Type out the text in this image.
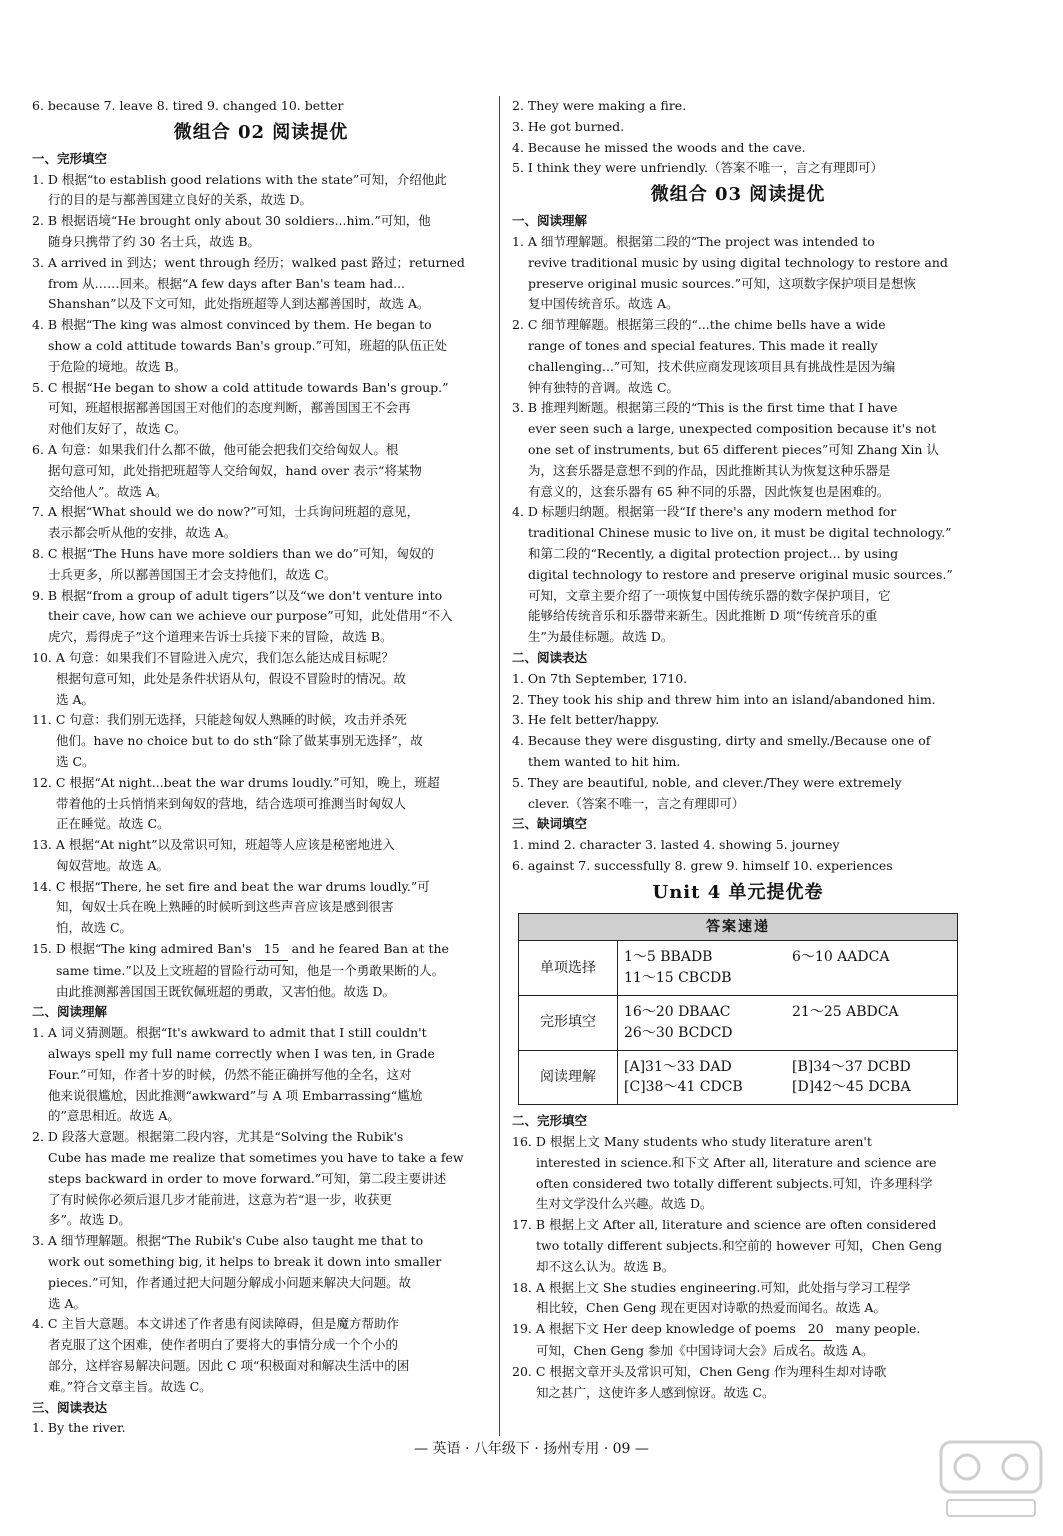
6. because 7. leave 8. tired 9. changed 10. better
微组合 02 阅读提优
一、完形填空
1. D 根据“to establish good relations with the state”可知，介绍他此
行的目的是与鄯善国建立良好的关系，故选 D。
2. B 根据语境“He brought only about 30 soldiers...him.”可知，他
随身只携带了约 30 名士兵，故选 B。
3. A arrived in 到达；went through 经历；walked past 路过；returned
from 从……回来。根据“A few days after Ban's team had...
Shanshan”以及下文可知，此处指班超等人到达鄯善国时，故选 A。
4. B 根据“The king was almost convinced by them. He began to
show a cold attitude towards Ban's group.”可知，班超的队伍正处
于危险的境地。故选 B。
5. C 根据“He began to show a cold attitude towards Ban's group.”
可知，班超根据鄯善国国王对他们的态度判断，鄯善国国王不会再
对他们友好了，故选 C。
6. A 句意：如果我们什么都不做，他可能会把我们交给匈奴人。根
据句意可知，此处指把班超等人交给匈奴，hand over 表示“将某物
交给他人”。故选 A。
7. A 根据“What should we do now?”可知，士兵询问班超的意见，
表示都会听从他的安排，故选 A。
8. C 根据“The Huns have more soldiers than we do”可知，匈奴的
士兵更多，所以鄯善国国王才会支持他们，故选 C。
9. B 根据“from a group of adult tigers”以及“we don't venture into
their cave, how can we achieve our purpose”可知，此处借用“不入
虎穴，焉得虎子”这个道理来告诉士兵接下来的冒险，故选 B。
10. A 句意：如果我们不冒险进入虎穴，我们怎么能达成目标呢？
根据句意可知，此处是条件状语从句，假设不冒险时的情况。故
选 A。
11. C 句意：我们别无选择，只能趁匈奴人熟睡的时候，攻击并杀死
他们。have no choice but to do sth“除了做某事别无选择”，故
选 C。
12. C 根据“At night...beat the war drums loudly.”可知，晚上，班超
带着他的士兵悄悄来到匈奴的营地，结合选项可推测当时匈奴人
正在睡觉。故选 C。
13. A 根据“At night”以及常识可知，班超等人应该是秘密地进入
匈奴营地。故选 A。
14. C 根据“There, he set fire and beat the war drums loudly.”可
知，匈奴士兵在晚上熟睡的时候听到这些声音应该是感到很害
怕，故选 C。
15. D 根据“The king admired Ban's 15 and he feared Ban at the
same time.”以及上文班超的冒险行动可知，他是一个勇敢果断的人。
由此推测鄯善国国王既钦佩班超的勇敢，又害怕他。故选 D。
二、阅读理解
1. A 词义猜测题。根据“It's awkward to admit that I still couldn't
always spell my full name correctly when I was ten, in Grade
Four.”可知，作者十岁的时候，仍然不能正确拼写他的全名，这对
他来说很尴尬，因此推测“awkward”与 A 项 Embarrassing“尴尬
的”意思相近。故选 A。
2. D 段落大意题。根据第二段内容，尤其是“Solving the Rubik's
Cube has made me realize that sometimes you have to take a few
steps backward in order to move forward.”可知，第二段主要讲述
了有时候你必须后退几步才能前进，这意为若“退一步，收获更
多”。故选 D。
3. A 细节理解题。根据“The Rubik's Cube also taught me that to
work out something big, it helps to break it down into smaller
pieces.”可知，作者通过把大问题分解成小问题来解决大问题。故
选 A。
4. C 主旨大意题。本文讲述了作者患有阅读障碍，但是魔方帮助作
者克服了这个困难，使作者明白了要将大的事情分成一个个小的
部分，这样容易解决问题。因此 C 项“积极面对和解决生活中的困
难。”符合文章主旨。故选 C。
三、阅读表达
1. By the river.
2. They were making a fire.
3. He got burned.
4. Because he missed the woods and the cave.
5. I think they were unfriendly.（答案不唯一，言之有理即可）
微组合 03 阅读提优
一、阅读理解
1. A 细节理解题。根据第二段的“The project was intended to
revive traditional music by using digital technology to restore and
preserve original music sources.”可知，这项数字保护项目是想恢
复中国传统音乐。故选 A。
2. C 细节理解题。根据第三段的“...the chime bells have a wide
range of tones and special features. This made it really
challenging...”可知，技术供应商发现该项目具有挑战性是因为编
钟有独特的音调。故选 C。
3. B 推理判断题。根据第三段的“This is the first time that I have
ever seen such a large, unexpected composition because it's not
one set of instruments, but 65 different pieces”可知 Zhang Xin 认
为，这套乐器是意想不到的作品，因此推断其认为恢复这种乐器是
有意义的，这套乐器有 65 种不同的乐器，因此恢复也是困难的。
4. D 标题归纳题。根据第一段“If there's any modern method for
traditional Chinese music to live on, it must be digital technology.”
和第二段的“Recently, a digital protection project... by using
digital technology to restore and preserve original music sources.”
可知，文章主要介绍了一项恢复中国传统乐器的数字保护项目，它
能够给传统音乐和乐器带来新生。因此推断 D 项“传统音乐的重
生”为最佳标题。故选 D。
二、阅读表达
1. On 7th September, 1710.
2. They took his ship and threw him into an island/abandoned him.
3. He felt better/happy.
4. Because they were disgusting, dirty and smelly./Because one of
them wanted to hit him.
5. They are beautiful, noble, and clever./They were extremely
clever.（答案不唯一，言之有理即可）
三、缺词填空
1. mind 2. character 3. lasted 4. showing 5. journey
6. against 7. successfully 8. grew 9. himself 10. experiences
Unit 4 单元提优卷
答案速递	
单项选择	1～5 BBADB 6～10 AADCA
11～15 CBCDB

完形填空	16～20 DBAAC 21～25 ABDCA
26～30 BCDCD

阅读理解	[A]31～33 DAD [B]34～37 DCBD
[C]38～41 CDCB [D]42～45 DCBA
二、完形填空
16. D 根据上文 Many students who study literature aren't
interested in science.和下文 After all, literature and science are
often considered two totally different subjects.可知，许多理科学
生对文学没什么兴趣。故选 D。
17. B 根据上文 After all, literature and science are often considered
two totally different subjects.和空前的 however 可知，Chen Geng
却不这么认为。故选 B。
18. A 根据上文 She studies engineering.可知，此处指与学习工程学
相比较，Chen Geng 现在更因对诗歌的热爱而闻名。故选 A。
19. A 根据下文 Her deep knowledge of poems 20 many people.
可知，Chen Geng 参加《中国诗词大会》后成名。故选 A。
20. C 根据文章开头及常识可知，Chen Geng 作为理科生却对诗歌
知之甚广，这使许多人感到惊讶。故选 C。
— 英语 · 八年级下 · 扬州专用 · 09 —
